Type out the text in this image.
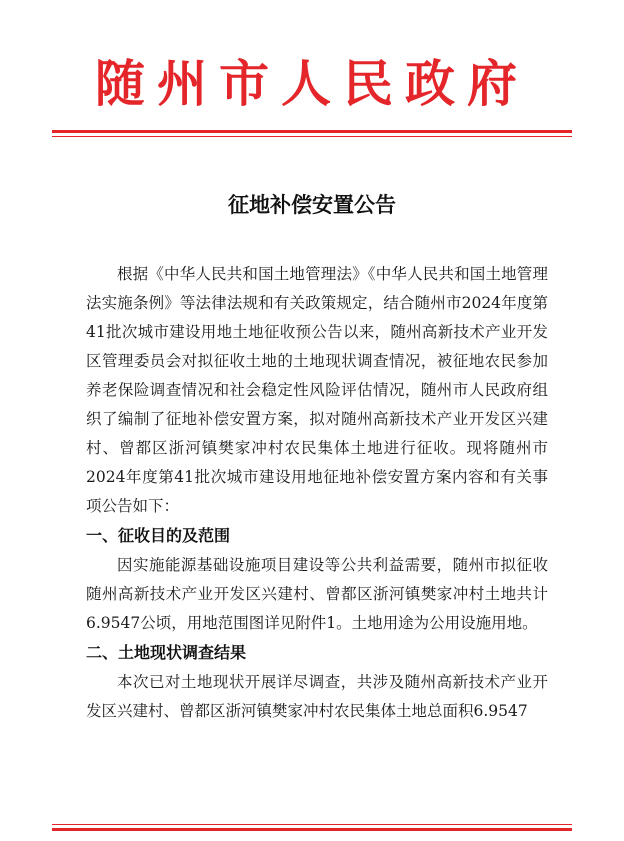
随州市人民政府
征地补偿安置公告

根据《中华人民共和国土地管理法》《中华人民共和国土地管理法实施条例》等法律法规和有关政策规定，结合随州市2024年度第41批次城市建设用地土地征收预公告以来，随州高新技术产业开发区管理委员会对拟征收土地的土地现状调查情况，被征地农民参加养老保险调查情况和社会稳定性风险评估情况，随州市人民政府组织了编制了征地补偿安置方案，拟对随州高新技术产业开发区兴建村、曾都区浙河镇樊家冲村农民集体土地进行征收。现将随州市2024年度第41批次城市建设用地征地补偿安置方案内容和有关事项公告如下：

一、征收目的及范围

因实施能源基础设施项目建设等公共利益需要，随州市拟征收随州高新技术产业开发区兴建村、曾都区浙河镇樊家冲村土地共计6.9547公顷，用地范围图详见附件1。土地用途为公用设施用地。

二、土地现状调查结果

本次已对土地现状开展详尽调查，共涉及随州高新技术产业开发区兴建村、曾都区浙河镇樊家冲村农民集体土地总面积6.9547
